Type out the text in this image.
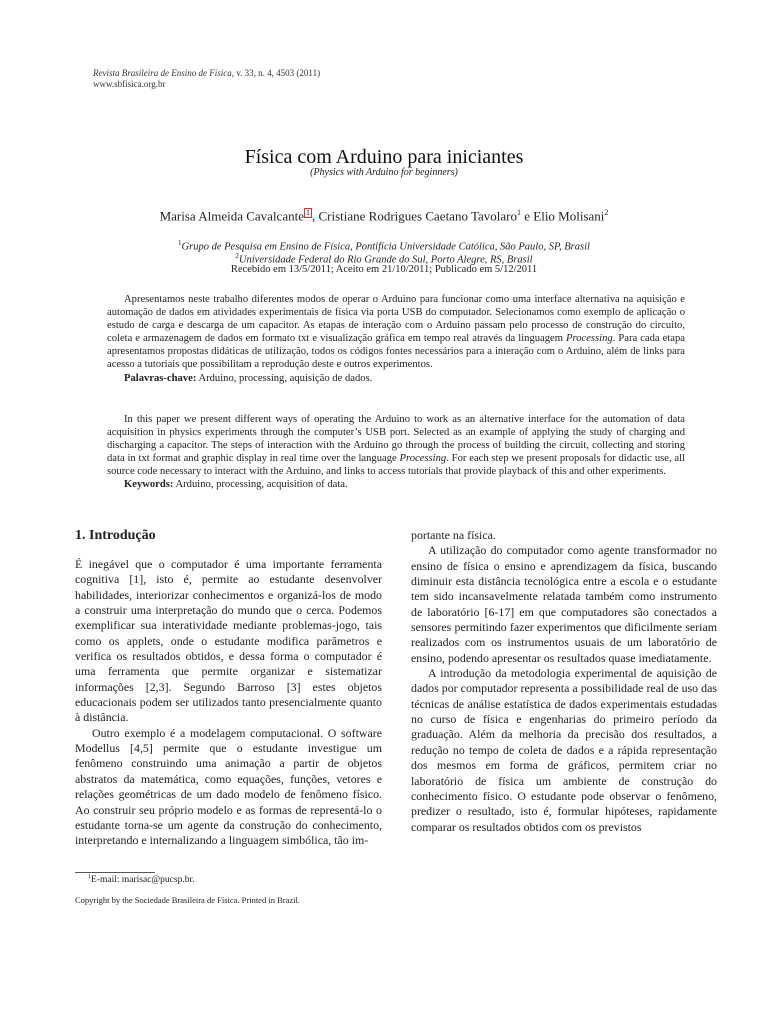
Revista Brasileira de Ensino de Física, v. 33, n. 4, 4503 (2011)
www.sbfisica.org.br
Física com Arduino para iniciantes
(Physics with Arduino for beginners)
Marisa Almeida Cavalcante $^1$ , Cristiane Rodrigues Caetano Tavolaro$^1$ e Elio Molisani$^2$
$^1$Grupo de Pesquisa em Ensino de Física, Pontifícia Universidade Católica, São Paulo, SP, Brasil
$^2$Universidade Federal do Rio Grande do Sul, Porto Alegre, RS, Brasil
Recebido em 13/5/2011; Aceito em 21/10/2011; Publicado em 5/12/2011

Apresentamos neste trabalho diferentes modos de operar o Arduino para funcionar como uma interface alternativa na aquisição e automação de dados em atividades experimentais de física via porta USB do computador. Selecionamos como exemplo de aplicação o estudo de carga e descarga de um capacitor. As etapas de interação com o Arduino passam pelo processo de construção do circuito, coleta e armazenagem de dados em formato txt e visualização gráfica em tempo real através da linguagem Processing. Para cada etapa apresentamos propostas didáticas de utilização, todos os códigos fontes necessários para a interação com o Arduino, além de links para acesso a tutoriais que possibilitam a reprodução deste e outros experimentos.

Palavras-chave: Arduino, processing, aquisição de dados.

In this paper we present different ways of operating the Arduino to work as an alternative interface for the automation of data acquisition in physics experiments through the computer’s USB port. Selected as an example of applying the study of charging and discharging a capacitor. The steps of interaction with the Arduino go through the process of building the circuit, collecting and storing data in txt format and graphic display in real time over the language Processing. For each step we present proposals for didactic use, all source code necessary to interact with the Arduino, and links to access tutorials that provide playback of this and other experiments.

Keywords: Arduino, processing, acquisition of data.

1. Introdução

É inegável que o computador é uma importante ferramenta cognitiva [1], isto é, permite ao estudante desenvolver habilidades, interiorizar conhecimentos e organizá-los de modo a construir uma interpretação do mundo que o cerca. Podemos exemplificar sua interatividade mediante problemas-jogo, tais como os applets, onde o estudante modifica parâmetros e verifica os resultados obtidos, e dessa forma o computador é uma ferramenta que permite organizar e sistematizar informações [2,3]. Segundo Barroso [3] estes objetos educacionais podem ser utilizados tanto presencialmente quanto à distância.

Outro exemplo é a modelagem computacional. O software Modellus [4,5] permite que o estudante investigue um fenômeno construindo uma animação a partir de objetos abstratos da matemática, como equações, funções, vetores e relações geométricas de um dado modelo de fenômeno físico. Ao construir seu próprio modelo e as formas de representá-lo o estudante torna-se um agente da construção do conhecimento, interpretando e internalizando a linguagem simbólica, tão im-

portante na física.

A utilização do computador como agente transformador no ensino de física o ensino e aprendizagem da física, buscando diminuir esta distância tecnológica entre a escola e o estudante tem sido incansavelmente relatada também como instrumento de laboratório [6-17] em que computadores são conectados a sensores permitindo fazer experimentos que dificilmente seriam realizados com os instrumentos usuais de um laboratório de ensino, podendo apresentar os resultados quase imediatamente.

A introdução da metodologia experimental de aquisição de dados por computador representa a possibilidade real de uso das técnicas de análise estatística de dados experimentais estudadas no curso de física e engenharias do primeiro período da graduação. Além da melhoria da precisão dos resultados, a redução no tempo de coleta de dados e a rápida representação dos mesmos em forma de gráficos, permitem criar no laboratório de física um ambiente de construção do conhecimento físico. O estudante pode observar o fenômeno, predizer o resultado, isto é, formular hipóteses, rapidamente comparar os resultados obtidos com os previstos

$^1$E-mail: marisac@pucsp.br.
Copyright by the Sociedade Brasileira de Física. Printed in Brazil.
